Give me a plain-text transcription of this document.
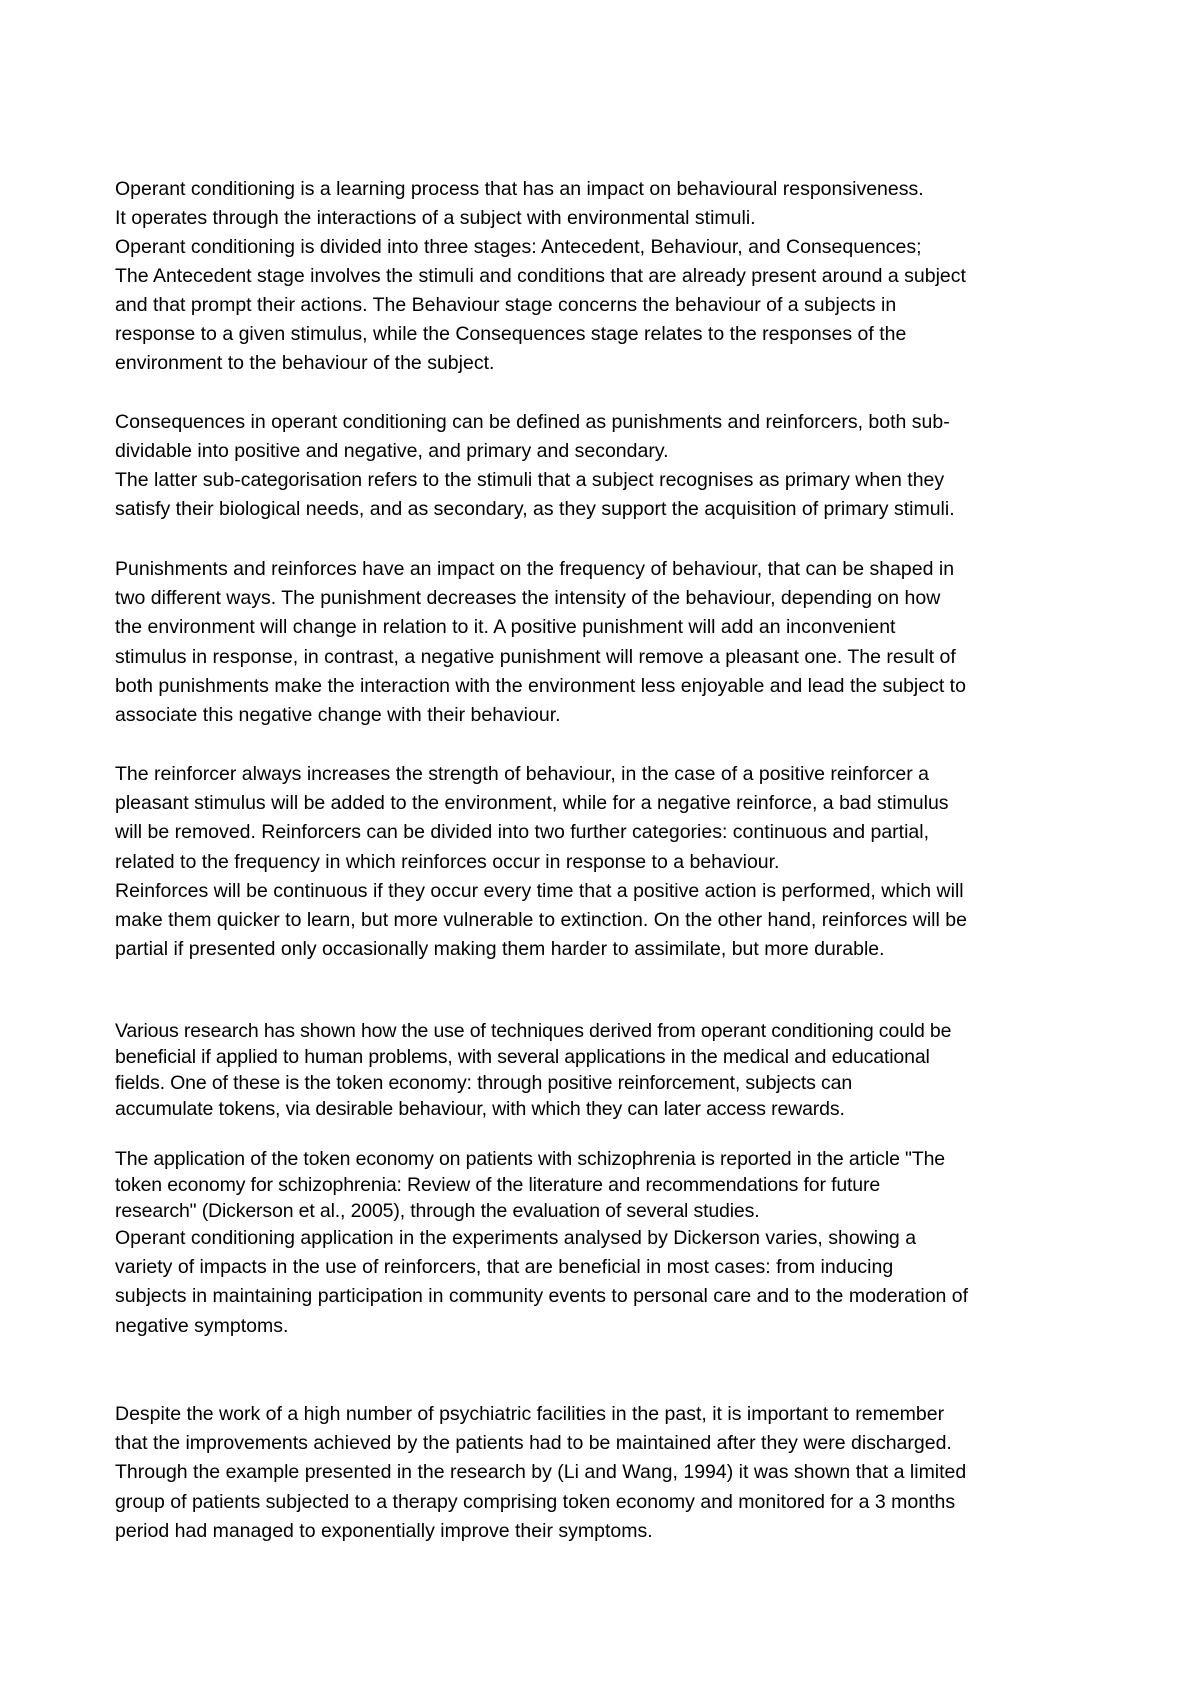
Operant conditioning is a learning process that has an impact on behavioural responsiveness.
It operates through the interactions of a subject with environmental stimuli.
Operant conditioning is divided into three stages: Antecedent, Behaviour, and Consequences;
The Antecedent stage involves the stimuli and conditions that are already present around a subject
and that prompt their actions. The Behaviour stage concerns the behaviour of a subjects in
response to a given stimulus, while the Consequences stage relates to the responses of the
environment to the behaviour of the subject.
Consequences in operant conditioning can be defined as punishments and reinforcers, both sub-
dividable into positive and negative, and primary and secondary.
The latter sub-categorisation refers to the stimuli that a subject recognises as primary when they
satisfy their biological needs, and as secondary, as they support the acquisition of primary stimuli.
Punishments and reinforces have an impact on the frequency of behaviour, that can be shaped in
two different ways. The punishment decreases the intensity of the behaviour, depending on how
the environment will change in relation to it. A positive punishment will add an inconvenient
stimulus in response, in contrast, a negative punishment will remove a pleasant one. The result of
both punishments make the interaction with the environment less enjoyable and lead the subject to
associate this negative change with their behaviour.
The reinforcer always increases the strength of behaviour, in the case of a positive reinforcer a
pleasant stimulus will be added to the environment, while for a negative reinforce, a bad stimulus
will be removed. Reinforcers can be divided into two further categories: continuous and partial,
related to the frequency in which reinforces occur in response to a behaviour.
Reinforces will be continuous if they occur every time that a positive action is performed, which will
make them quicker to learn, but more vulnerable to extinction. On the other hand, reinforces will be
partial if presented only occasionally making them harder to assimilate, but more durable.
Various research has shown how the use of techniques derived from operant conditioning could be
beneficial if applied to human problems, with several applications in the medical and educational
fields. One of these is the token economy: through positive reinforcement, subjects can
accumulate tokens, via desirable behaviour, with which they can later access rewards.
The application of the token economy on patients with schizophrenia is reported in the article "The
token economy for schizophrenia: Review of the literature and recommendations for future
research" (Dickerson et al., 2005), through the evaluation of several studies.
Operant conditioning application in the experiments analysed by Dickerson varies, showing a
variety of impacts in the use of reinforcers, that are beneficial in most cases: from inducing
subjects in maintaining participation in community events to personal care and to the moderation of
negative symptoms.
Despite the work of a high number of psychiatric facilities in the past, it is important to remember
that the improvements achieved by the patients had to be maintained after they were discharged.
Through the example presented in the research by (Li and Wang, 1994) it was shown that a limited
group of patients subjected to a therapy comprising token economy and monitored for a 3 months
period had managed to exponentially improve their symptoms.
